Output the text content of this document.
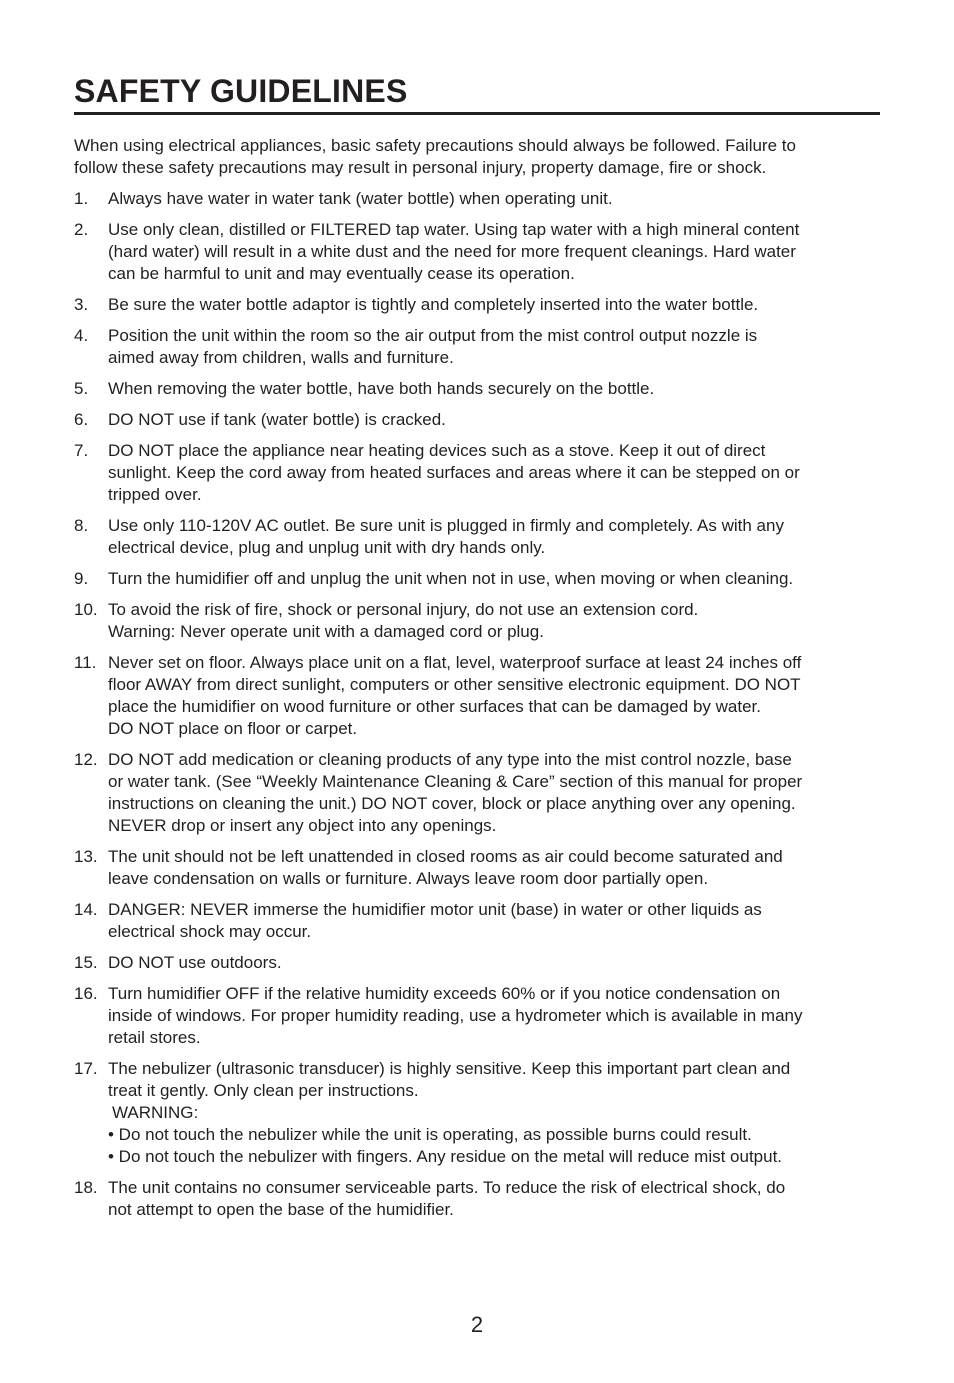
SAFETY GUIDELINES

When using electrical appliances, basic safety precautions should always be followed. Failure to
follow these safety precautions may result in personal injury, property damage, fire or shock.

1. Always have water in water tank (water bottle) when operating unit.
2. Use only clean, distilled or FILTERED tap water. Using tap water with a high mineral content
(hard water) will result in a white dust and the need for more frequent cleanings. Hard water
can be harmful to unit and may eventually cease its operation.
3. Be sure the water bottle adaptor is tightly and completely inserted into the water bottle.
4. Position the unit within the room so the air output from the mist control output nozzle is
aimed away from children, walls and furniture.
5. When removing the water bottle, have both hands securely on the bottle.
6. DO NOT use if tank (water bottle) is cracked.
7. DO NOT place the appliance near heating devices such as a stove. Keep it out of direct
sunlight. Keep the cord away from heated surfaces and areas where it can be stepped on or
tripped over.
8. Use only 110-120V AC outlet. Be sure unit is plugged in firmly and completely. As with any
electrical device, plug and unplug unit with dry hands only.
9. Turn the humidifier off and unplug the unit when not in use, when moving or when cleaning.
10. To avoid the risk of fire, shock or personal injury, do not use an extension cord.
Warning: Never operate unit with a damaged cord or plug.
11. Never set on floor. Always place unit on a flat, level, waterproof surface at least 24 inches off
floor AWAY from direct sunlight, computers or other sensitive electronic equipment. DO NOT
place the humidifier on wood furniture or other surfaces that can be damaged by water.
DO NOT place on floor or carpet.
12. DO NOT add medication or cleaning products of any type into the mist control nozzle, base
or water tank. (See “Weekly Maintenance Cleaning & Care” section of this manual for proper
instructions on cleaning the unit.) DO NOT cover, block or place anything over any opening.
NEVER drop or insert any object into any openings.
13. The unit should not be left unattended in closed rooms as air could become saturated and
leave condensation on walls or furniture. Always leave room door partially open.
14. DANGER: NEVER immerse the humidifier motor unit (base) in water or other liquids as
electrical shock may occur.
15. DO NOT use outdoors.
16. Turn humidifier OFF if the relative humidity exceeds 60% or if you notice condensation on
inside of windows. For proper humidity reading, use a hydrometer which is available in many
retail stores.
17. The nebulizer (ultrasonic transducer) is highly sensitive. Keep this important part clean and
treat it gently. Only clean per instructions.
WARNING:
• Do not touch the nebulizer while the unit is operating, as possible burns could result.
• Do not touch the nebulizer with fingers. Any residue on the metal will reduce mist output.
18. The unit contains no consumer serviceable parts. To reduce the risk of electrical shock, do
not attempt to open the base of the humidifier.
2
